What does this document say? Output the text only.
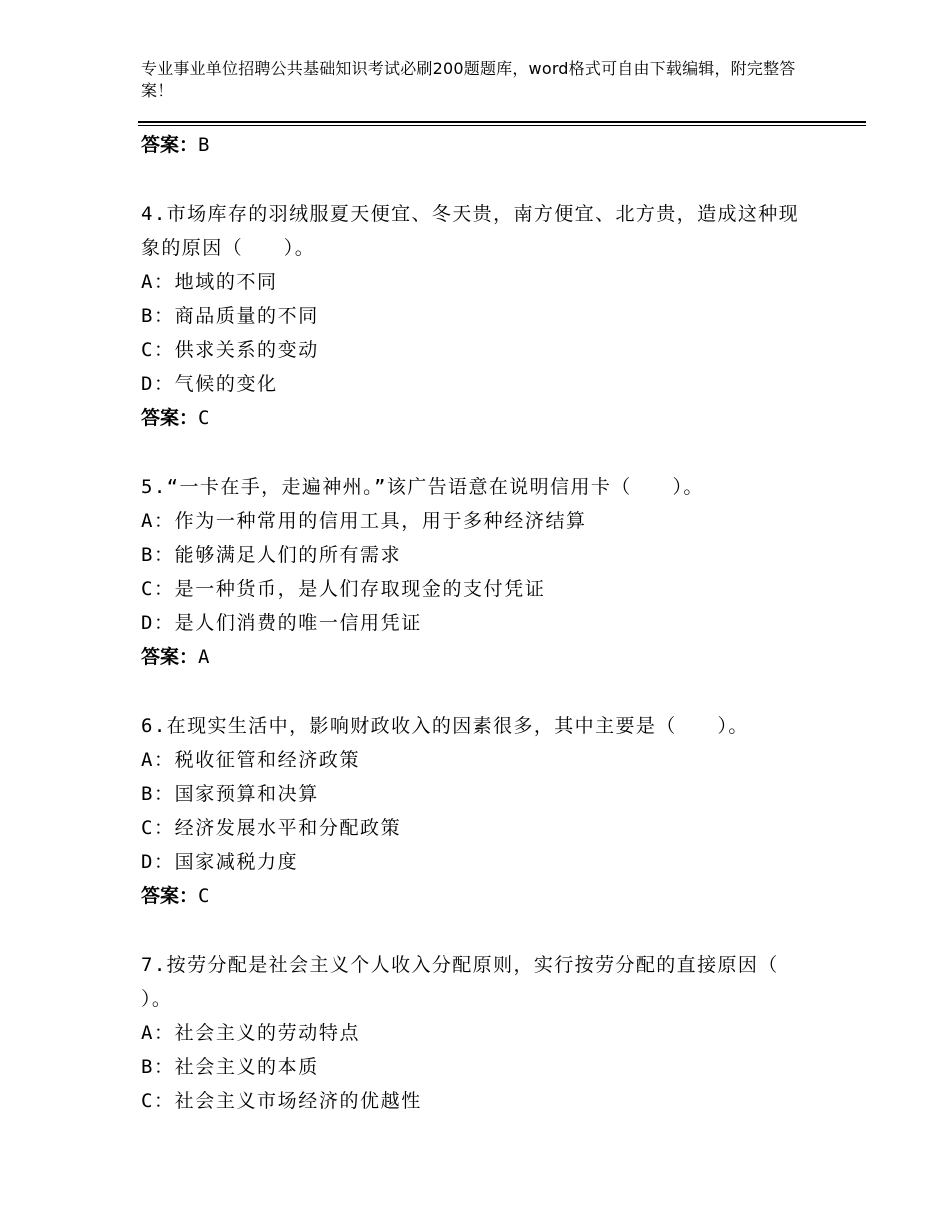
专业事业单位招聘公共基础知识考试必刷200题题库，word格式可自由下载编辑，附完整答案！
答案：B
4.市场库存的羽绒服夏天便宜、冬天贵，南方便宜、北方贵，造成这种现象的原因（　　）。
A：地域的不同
B：商品质量的不同
C：供求关系的变动
D：气候的变化
答案：C
5.“一卡在手，走遍神州。”该广告语意在说明信用卡（　　）。
A：作为一种常用的信用工具，用于多种经济结算
B：能够满足人们的所有需求
C：是一种货币，是人们存取现金的支付凭证
D：是人们消费的唯一信用凭证
答案：A
6.在现实生活中，影响财政收入的因素很多，其中主要是（　　）。
A：税收征管和经济政策
B：国家预算和决算
C：经济发展水平和分配政策
D：国家减税力度
答案：C
7.按劳分配是社会主义个人收入分配原则，实行按劳分配的直接原因（ ）。
A：社会主义的劳动特点
B：社会主义的本质
C：社会主义市场经济的优越性
